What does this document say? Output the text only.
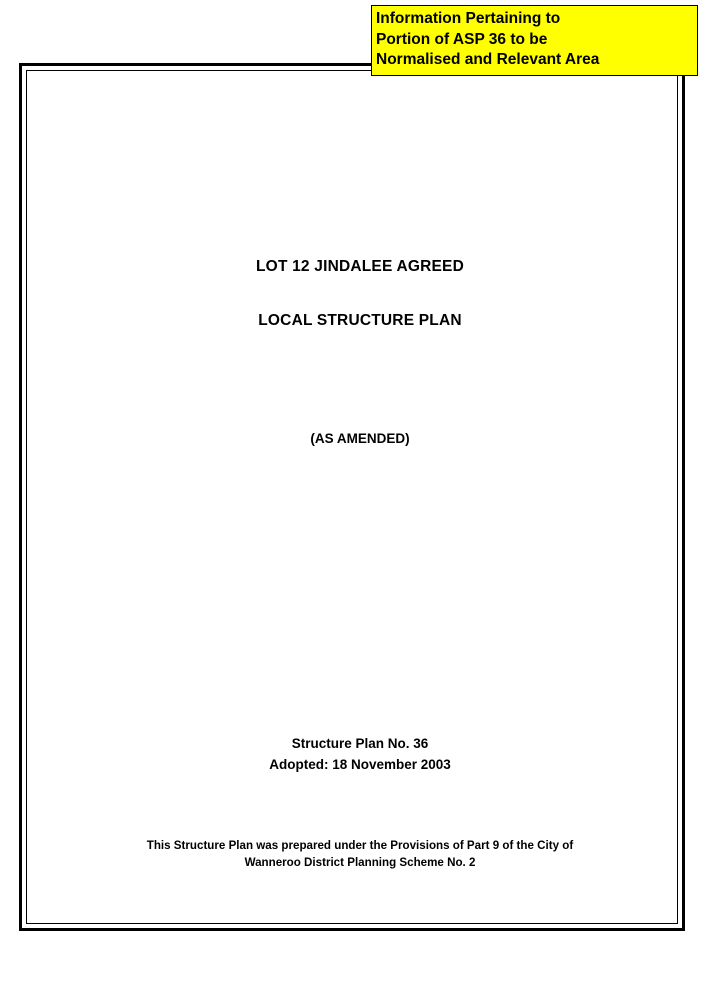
LOT 12 JINDALEE AGREED
LOCAL STRUCTURE PLAN
(AS AMENDED)
Structure Plan No. 36
Adopted: 18 November 2003
This Structure Plan was prepared under the Provisions of Part 9 of the City of
Wanneroo District Planning Scheme No. 2
Information Pertaining to
Portion of ASP 36 to be
Normalised and Relevant Area
